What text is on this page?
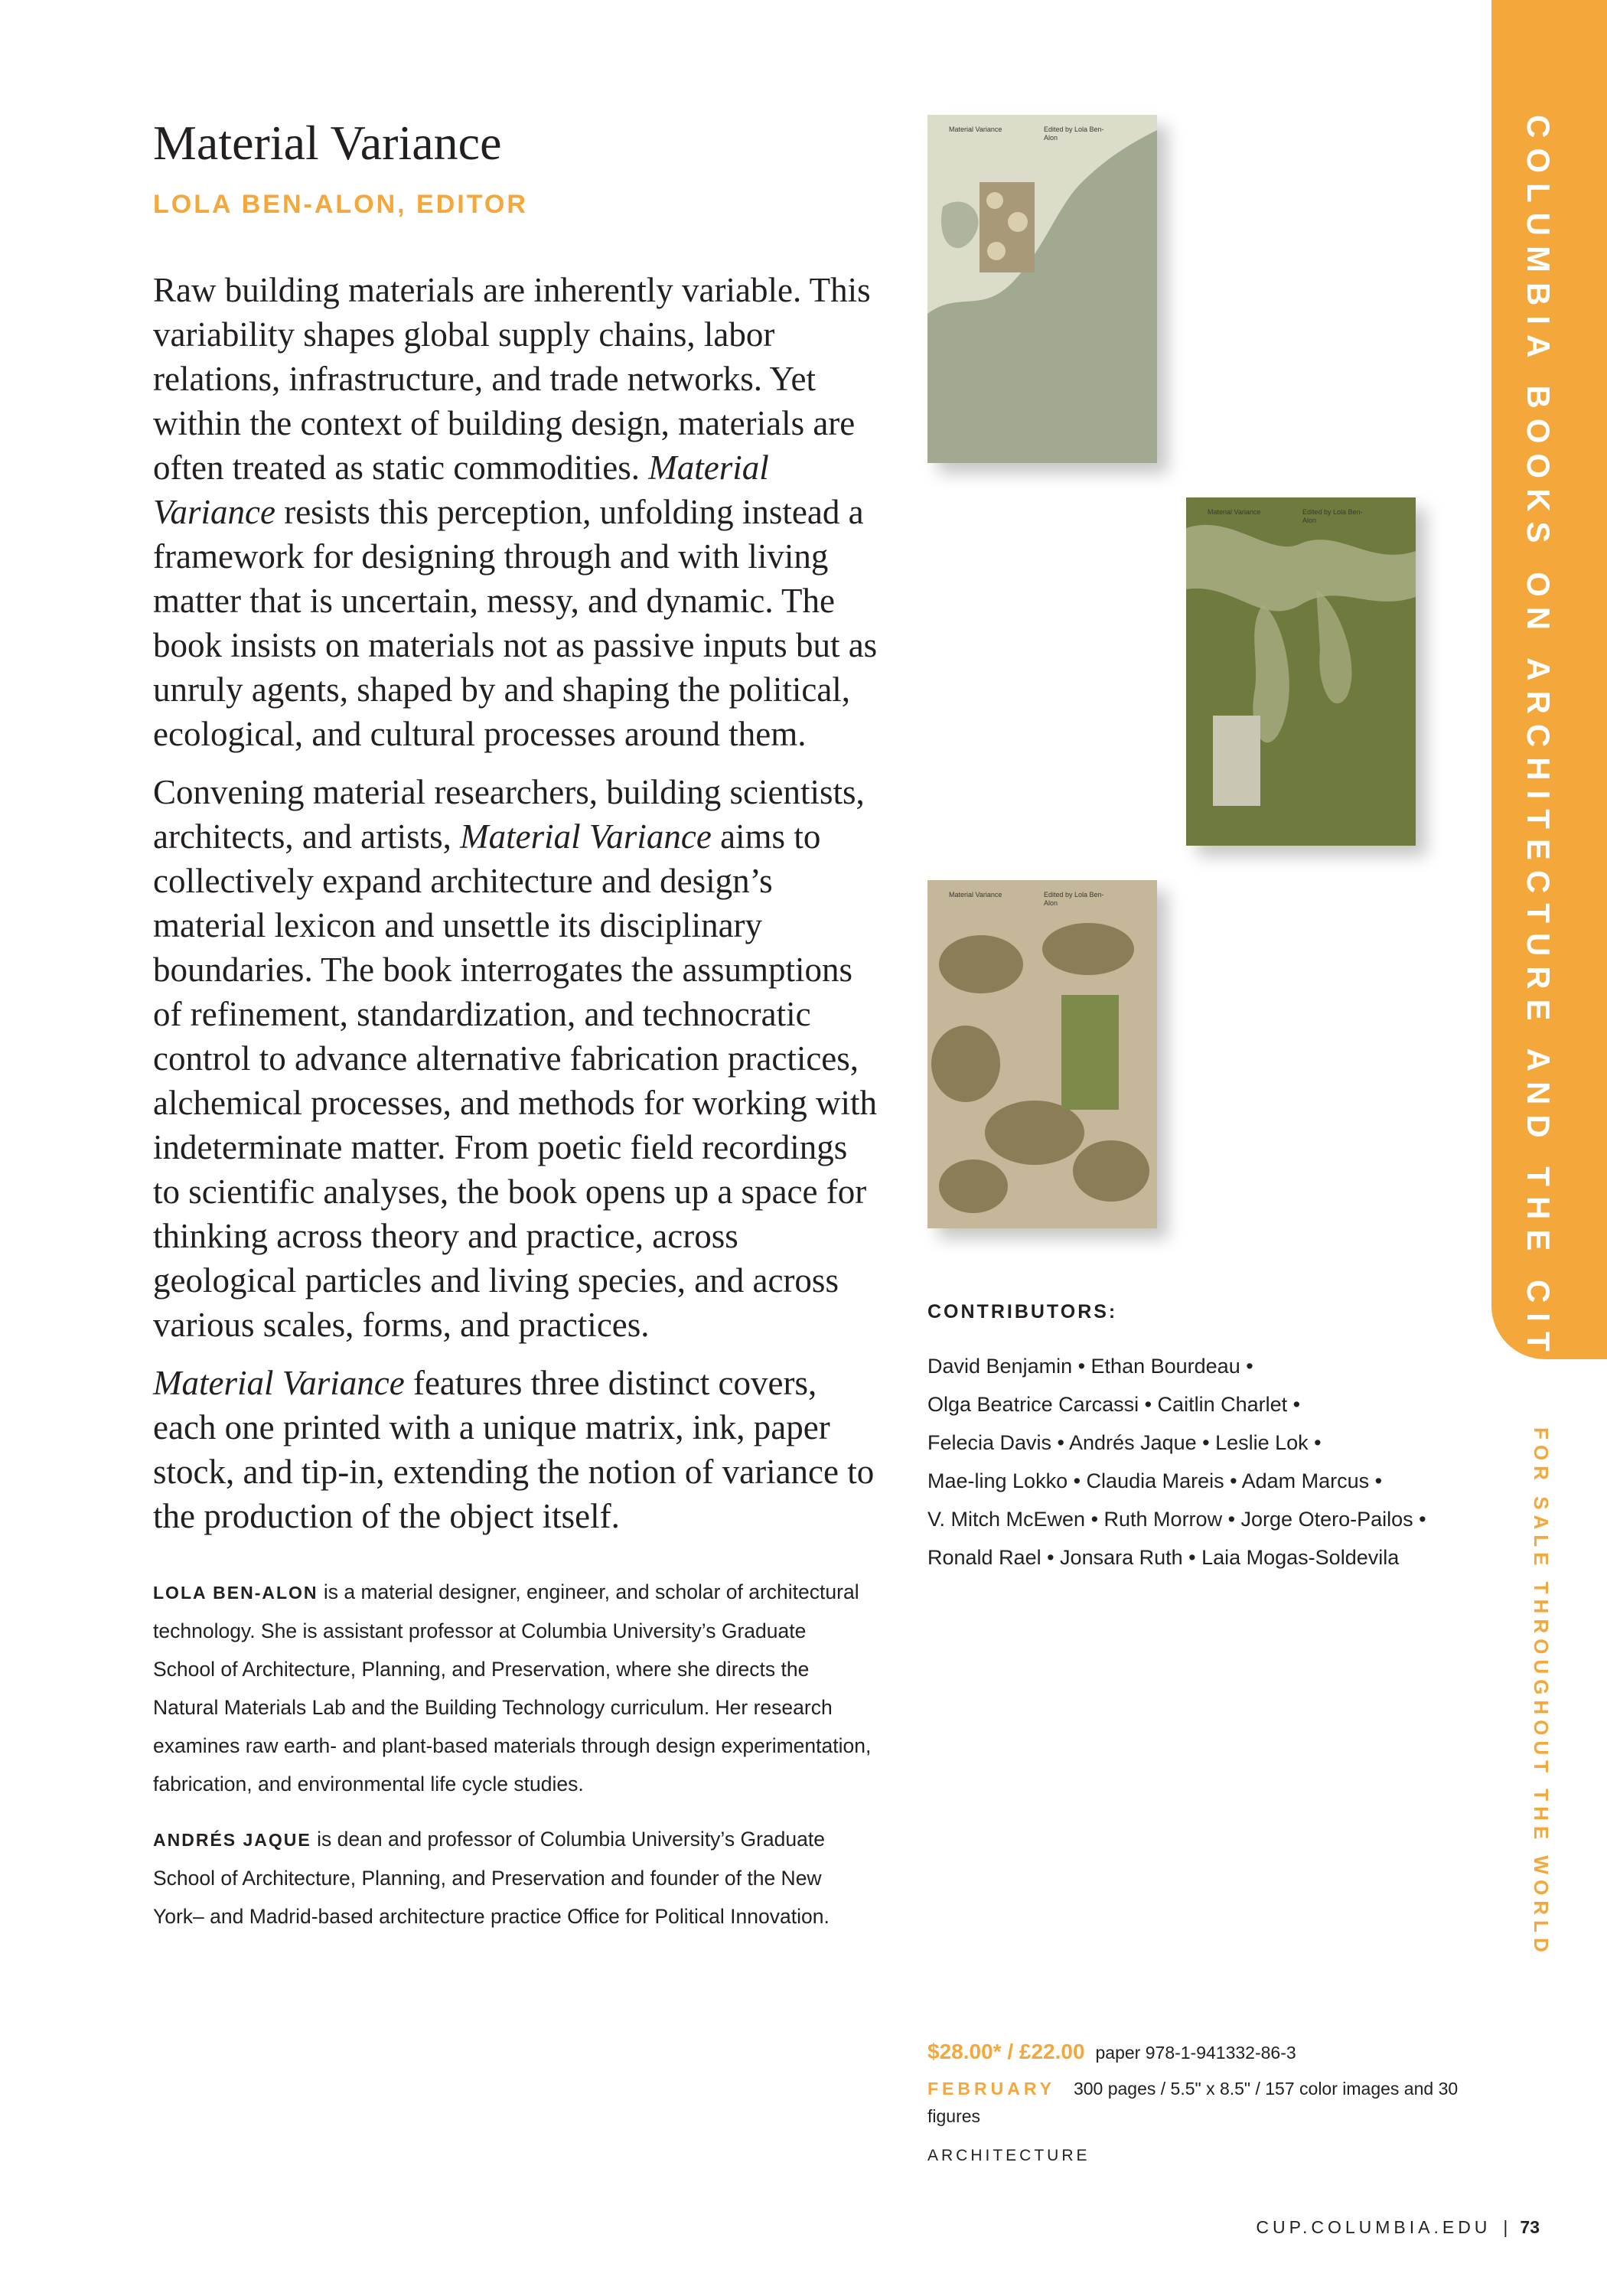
COLUMBIA BOOKS ON ARCHITECTURE AND THE CITY
FOR SALE THROUGHOUT THE WORLD
Material Variance
LOLA BEN-ALON, EDITOR

Raw building materials are inherently variable. This variability shapes global supply chains, labor relations, infrastructure, and trade networks. Yet within the context of building design, materials are often treated as static commodities. Material Variance resists this perception, unfolding instead a framework for designing through and with living matter that is uncertain, messy, and dynamic. The book insists on materials not as passive inputs but as unruly agents, shaped by and shaping the political, ecological, and cultural processes around them.

Convening material researchers, building scientists, architects, and artists, Material Variance aims to collectively expand architecture and design’s material lexicon and unsettle its disciplinary boundaries. The book interrogates the assumptions of refinement, standardization, and technocratic control to advance alternative fabrication practices, alchemical processes, and methods for working with indeterminate matter. From poetic field recordings to scientific analyses, the book opens up a space for thinking across theory and practice, across geological particles and living species, and across various scales, forms, and practices.

Material Variance features three distinct covers, each one printed with a unique matrix, ink, paper stock, and tip-in, extending the notion of variance to the production of the object itself.

LOLA BEN-ALON is a material designer, engineer, and scholar of architectural technology. She is assistant professor at Columbia University’s Graduate School of Architecture, Planning, and Preservation, where she directs the Natural Materials Lab and the Building Technology curriculum. Her research examines raw earth- and plant-based materials through design experimentation, fabrication, and environmental life cycle studies.

ANDRÉS JAQUE is dean and professor of Columbia University’s Graduate School of Architecture, Planning, and Preservation and founder of the New York– and Madrid-based architecture practice Office for Political Innovation.

Material Variance	Edited by Lola Ben-Alon
Material Variance	Edited by Lola Ben-Alon
Material Variance	Edited by Lola Ben-Alon
CONTRIBUTORS:
David Benjamin • Ethan Bourdeau •
Olga Beatrice Carcassi • Caitlin Charlet •
Felecia Davis • Andrés Jaque • Leslie Lok •
Mae-ling Lokko • Claudia Mareis • Adam Marcus •
V. Mitch McEwen • Ruth Morrow • Jorge Otero-Pailos •
Ronald Rael • Jonsara Ruth • Laia Mogas-Soldevila
$28.00* / £22.00 paper 978-1-941332-86-3
FEBRUARY 300 pages / 5.5" x 8.5" / 157 color images and 30 figures
ARCHITECTURE
CUP.COLUMBIA.EDU | 73
